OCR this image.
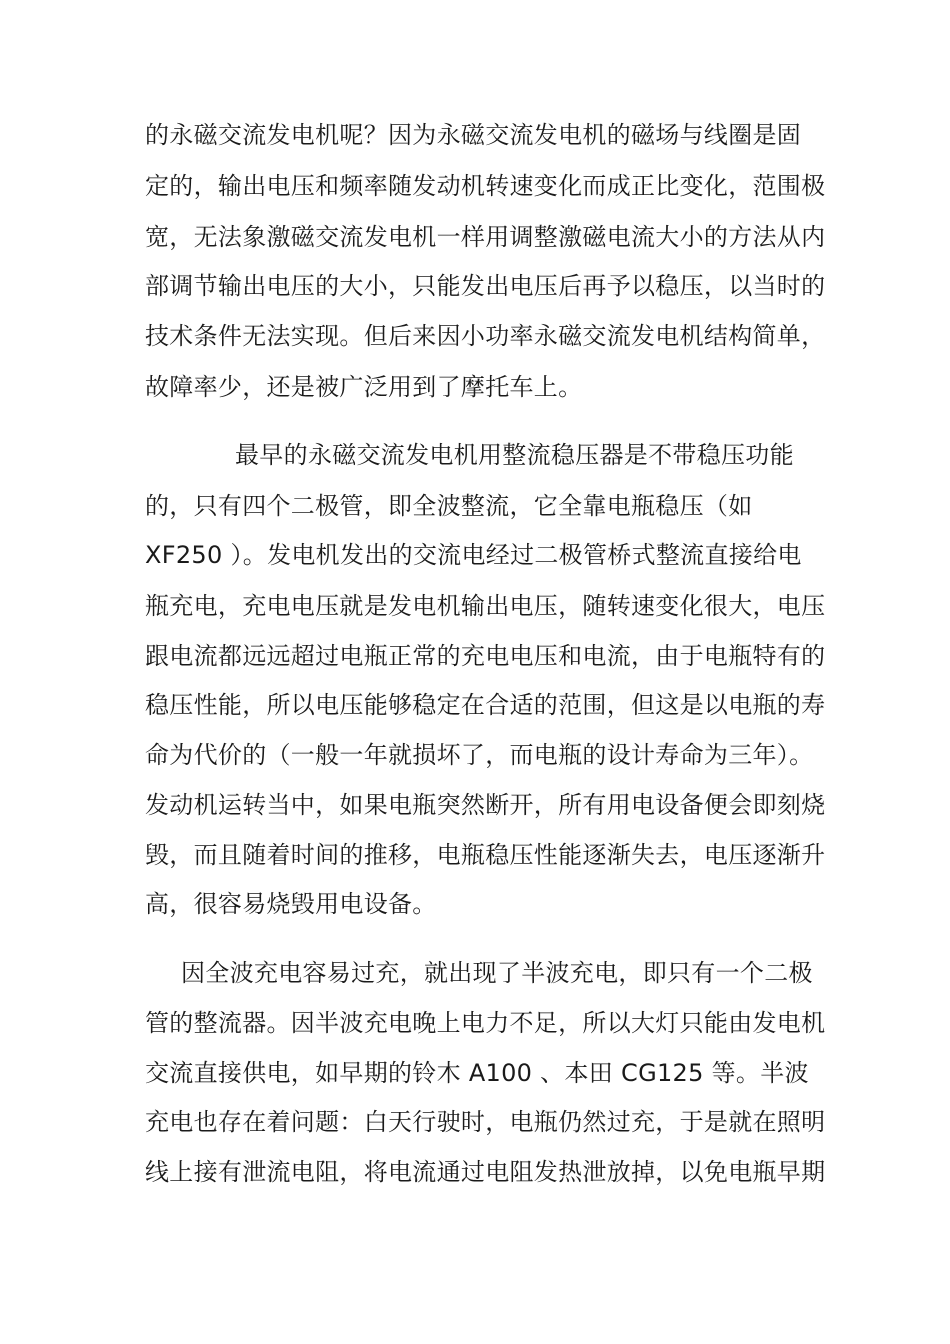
的永磁交流发电机呢？因为永磁交流发电机的磁场与线圈是固
定的，输出电压和频率随发动机转速变化而成正比变化，范围极
宽，无法象激磁交流发电机一样用调整激磁电流大小的方法从内
部调节输出电压的大小，只能发出电压后再予以稳压，以当时的
技术条件无法实现。但后来因小功率永磁交流发电机结构简单，
故障率少，还是被广泛用到了摩托车上。
最早的永磁交流发电机用整流稳压器是不带稳压功能
的，只有四个二极管，即全波整流，它全靠电瓶稳压（如
XF250 ）。发电机发出的交流电经过二极管桥式整流直接给电
瓶充电，充电电压就是发电机输出电压，随转速变化很大，电压
跟电流都远远超过电瓶正常的充电电压和电流，由于电瓶特有的
稳压性能，所以电压能够稳定在合适的范围，但这是以电瓶的寿
命为代价的（一般一年就损坏了，而电瓶的设计寿命为三年）。
发动机运转当中，如果电瓶突然断开，所有用电设备便会即刻烧
毁，而且随着时间的推移，电瓶稳压性能逐渐失去，电压逐渐升
高，很容易烧毁用电设备。
因全波充电容易过充，就出现了半波充电，即只有一个二极
管的整流器。因半波充电晚上电力不足，所以大灯只能由发电机
交流直接供电，如早期的铃木 A100 、本田 CG125 等。半波
充电也存在着问题：白天行驶时，电瓶仍然过充，于是就在照明
线上接有泄流电阻，将电流通过电阻发热泄放掉，以免电瓶早期
